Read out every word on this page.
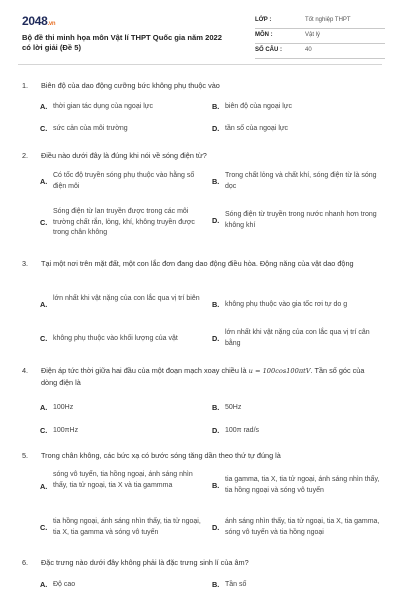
2048.vn
Bộ đề thi minh họa môn Vật lí THPT Quốc gia năm 2022 có lời giải (Đề 5)
LỚP :	Tốt nghiệp THPT
MÔN :	Vật lý
SỐ CÂU :	40
1. Biên độ của dao động cưỡng bức không phụ thuộc vào
A. thời gian tác dụng của ngoại lực	B. biên độ của ngoại lực
C. sức cản của môi trường	D. tần số của ngoại lực
2. Điều nào dưới đây là đúng khi nói về sóng điện từ?
A.
Có tốc độ truyền sóng phụ thuộc vào hằng số điện môi	B.
Trong chất lỏng và chất khí, sóng điện từ là sóng dọc
C.
Sóng điện từ lan truyền được trong các môi trường chất rắn, lỏng, khí, không truyền được trong chân không
D.
Sóng điện từ truyền trong nước nhanh hơn trong không khí
3. Tại một nơi trên mặt đất, một con lắc đơn đang dao động điều hòa. Động năng của vật dao động
A.
lớn nhất khi vật nặng của con lắc qua vị trí biên
B. không phụ thuộc vào gia tốc rơi tự do g
C. không phụ thuộc vào khối lượng của vật	D.
lớn nhất khi vật nặng của con lắc qua vị trí cân bằng
4. Điện áp tức thời giữa hai đầu của một đoạn mạch xoay chiều là u = 100cos100πtV. Tần số góc của dòng điện là
A. 100Hz	B. 50Hz
C. 100πHz	D. 100π rad/s
5. Trong chân không, các bức xạ có bước sóng tăng dần theo thứ tự đúng là
A.
sóng vô tuyến, tia hồng ngoại, ánh sáng nhìn thấy, tia tử ngoại, tia X và tia gammma	B.
tia gamma, tia X, tia tử ngoại, ánh sáng nhìn thấy, tia hồng ngoại và sóng vô tuyến
C.
tia hồng ngoại, ánh sáng nhìn thấy, tia tử ngoại, tia X, tia gamma và sóng vô tuyến	D.
ánh sáng nhìn thấy, tia tử ngoại, tia X, tia gamma, sóng vô tuyến và tia hồng ngoại
6. Đặc trưng nào dưới đây không phải là đặc trưng sinh lí của âm?
A. Độ cao	B. Tần số
